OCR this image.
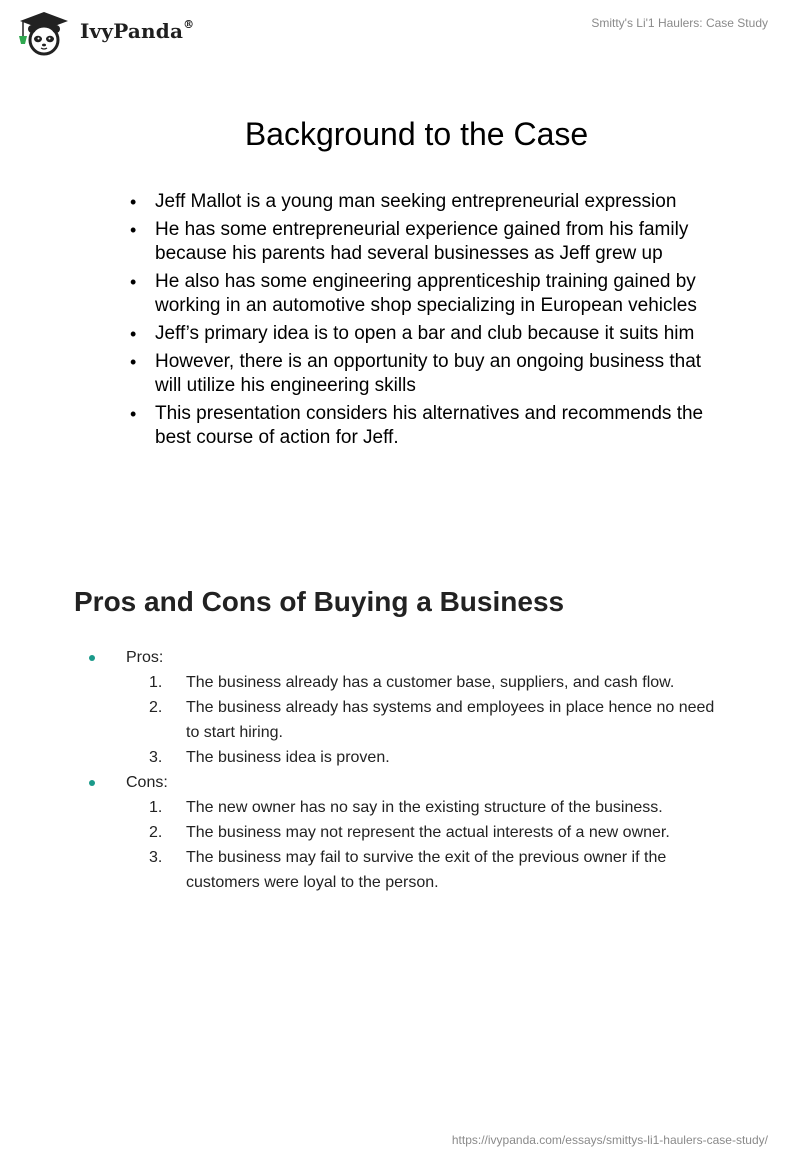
IvyPanda®	Smitty's Li'1 Haulers: Case Study
Background to the Case
• Jeff Mallot is a young man seeking entrepreneurial expression
• He has some entrepreneurial experience gained from his family because his parents had several businesses as Jeff grew up
• He also has some engineering apprenticeship training gained by working in an automotive shop specializing in European vehicles
• Jeff’s primary idea is to open a bar and club because it suits him
• However, there is an opportunity to buy an ongoing business that will utilize his engineering skills
• This presentation considers his alternatives and recommends the best course of action for Jeff.
Pros and Cons of Buying a Business
Pros:
1. The business already has a customer base, suppliers, and cash flow.
2. The business already has systems and employees in place hence no need to start hiring.
3. The business idea is proven.
Cons:
1. The new owner has no say in the existing structure of the business.
2. The business may not represent the actual interests of a new owner.
3. The business may fail to survive the exit of the previous owner if the customers were loyal to the person.
https://ivypanda.com/essays/smittys-li1-haulers-case-study/
